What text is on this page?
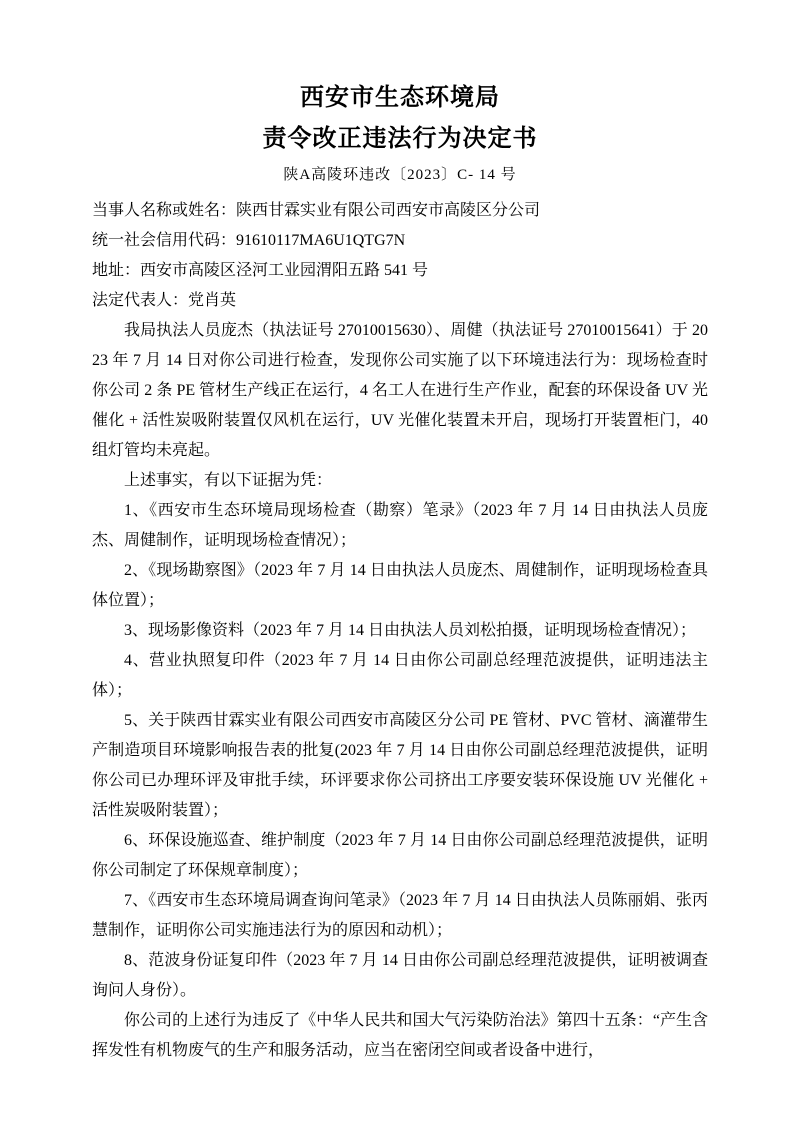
西安市生态环境局
责令改正违法行为决定书
陕A高陵环违改〔2023〕C- 14 号

当事人名称或姓名：陕西甘霖实业有限公司西安市高陵区分公司

统一社会信用代码：91610117MA6U1QTG7N

地址：西安市高陵区泾河工业园渭阳五路 541 号

法定代表人：党肖英

我局执法人员庞杰（执法证号 27010015630）、周健（执法证号 27010015641）于 2023 年 7 月 14 日对你公司进行检查，发现你公司实施了以下环境违法行为：现场检查时你公司 2 条 PE 管材生产线正在运行，4 名工人在进行生产作业，配套的环保设备 UV 光催化 + 活性炭吸附装置仅风机在运行，UV 光催化装置未开启，现场打开装置柜门，40 组灯管均未亮起。

上述事实，有以下证据为凭：

1、《西安市生态环境局现场检查（勘察）笔录》（2023 年 7 月 14 日由执法人员庞杰、周健制作，证明现场检查情况）；

2、《现场勘察图》（2023 年 7 月 14 日由执法人员庞杰、周健制作，证明现场检查具体位置）；

3、现场影像资料（2023 年 7 月 14 日由执法人员刘松拍摄，证明现场检查情况）；

4、营业执照复印件（2023 年 7 月 14 日由你公司副总经理范波提供，证明违法主体）；

5、关于陕西甘霖实业有限公司西安市高陵区分公司 PE 管材、PVC 管材、滴灌带生产制造项目环境影响报告表的批复(2023 年 7 月 14 日由你公司副总经理范波提供，证明你公司已办理环评及审批手续，环评要求你公司挤出工序要安装环保设施 UV 光催化 + 活性炭吸附装置）；

6、环保设施巡查、维护制度（2023 年 7 月 14 日由你公司副总经理范波提供，证明你公司制定了环保规章制度）；

7、《西安市生态环境局调查询问笔录》（2023 年 7 月 14 日由执法人员陈丽娟、张丙慧制作，证明你公司实施违法行为的原因和动机）；

8、范波身份证复印件（2023 年 7 月 14 日由你公司副总经理范波提供，证明被调查询问人身份）。

你公司的上述行为违反了《中华人民共和国大气污染防治法》第四十五条：“产生含挥发性有机物废气的生产和服务活动，应当在密闭空间或者设备中进行，
